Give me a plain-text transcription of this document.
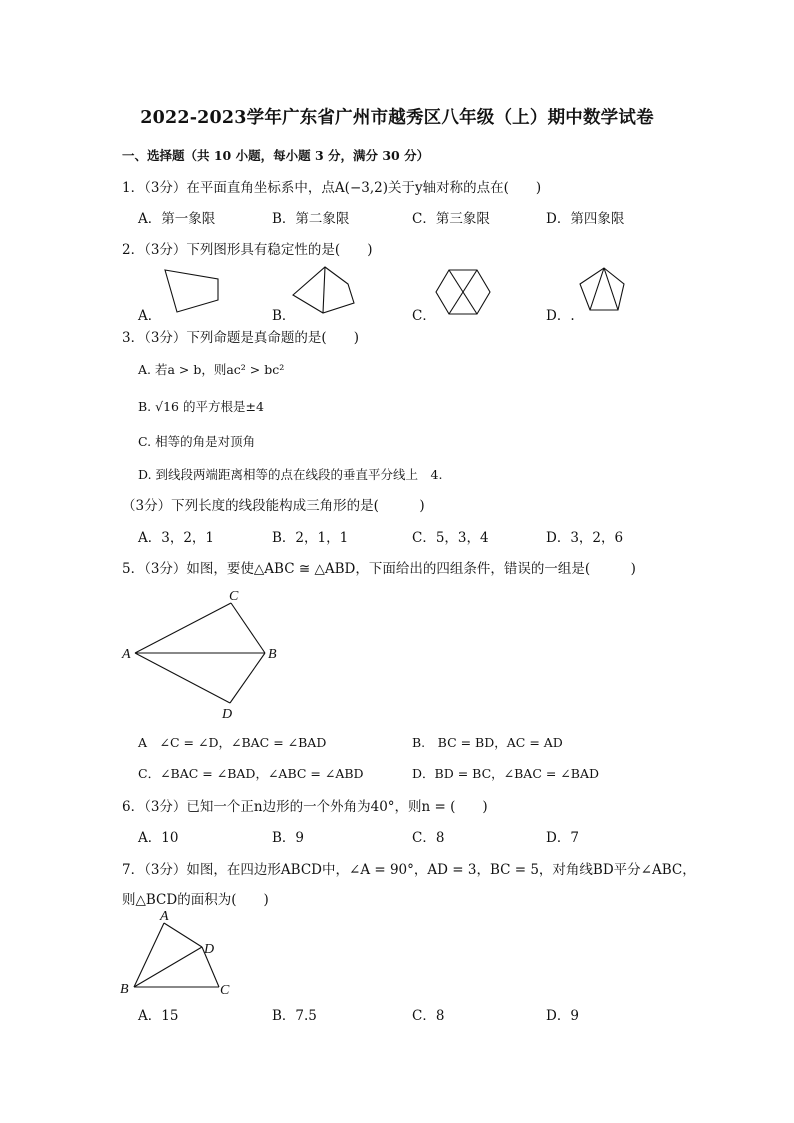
2022-2023学年广东省广州市越秀区八年级（上）期中数学试卷
一、选择题（共 10 小题，每小题 3 分，满分 30 分）
1．（3分）在平面直角坐标系中，点A(−3,2)关于y轴对称的点在(　　)
A．第一象限	B．第二象限	C．第三象限	D．第四象限
2．（3分）下列图形具有稳定性的是(　　)
A．	B．	C．	D．.
3．（3分）下列命题是真命题的是(　　)
A. 若a > b，则ac² > bc²
B. √16 的平方根是±4
C. 相等的角是对顶角
D. 到线段两端距离相等的点在线段的垂直平分线上　4.
（3分）下列长度的线段能构成三角形的是(　　　)
A．3，2，1	B．2，1，1	C．5，3，4	D．3，2，6
5．（3分）如图，要使△ABC ≅ △ABD，下面给出的四组条件，错误的一组是(　　　)
C
A	B
D
A　∠C = ∠D，∠BAC = ∠BAD	B.　BC = BD，AC = AD
C．∠BAC = ∠BAD，∠ABC = ∠ABD	D．BD = BC，∠BAC = ∠BAD
6．（3分）已知一个正n边形的一个外角为40°，则n = (　　)
A．10	B．9	C．8	D．7
7．（3分）如图，在四边形ABCD中，∠A = 90°，AD = 3，BC = 5，对角线BD平分∠ABC，
则△BCD的面积为(　　)
A
D
B	C
A．15	B．7.5	C．8	D．9
